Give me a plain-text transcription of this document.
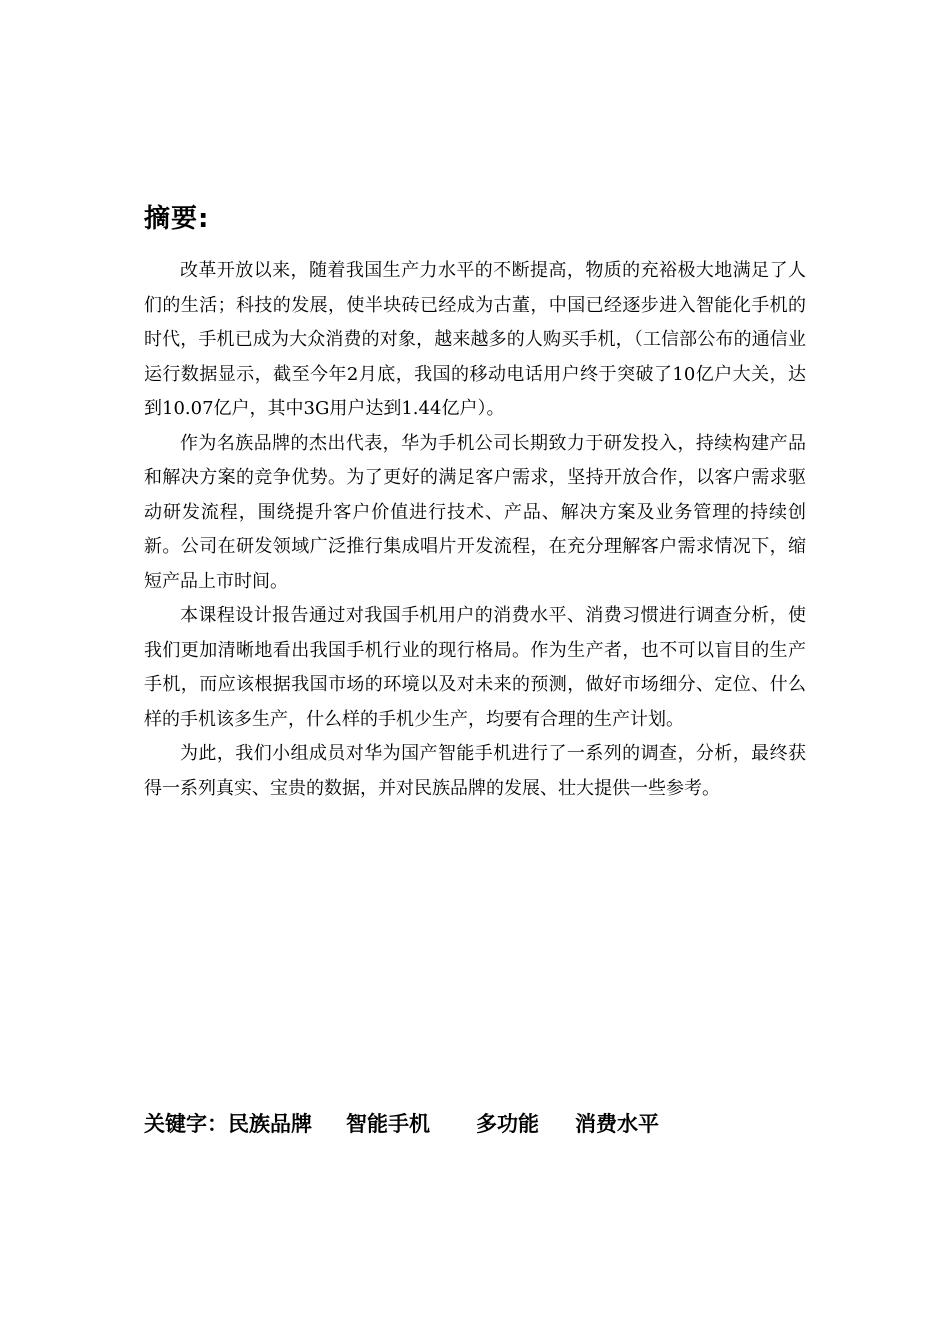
摘要:

改革开放以来，随着我国生产力水平的不断提高，物质的充裕极大地满足了人们的生活；科技的发展，使半块砖已经成为古董，中国已经逐步进入智能化手机的时代，手机已成为大众消费的对象，越来越多的人购买手机，（工信部公布的通信业运行数据显示，截至今年2月底，我国的移动电话用户终于突破了10亿户大关，达到10.07亿户，其中3G用户达到1.44亿户）。

作为名族品牌的杰出代表，华为手机公司长期致力于研发投入，持续构建产品和解决方案的竞争优势。为了更好的满足客户需求，坚持开放合作，以客户需求驱动研发流程，围绕提升客户价值进行技术、产品、解决方案及业务管理的持续创新。公司在研发领域广泛推行集成唱片开发流程，在充分理解客户需求情况下，缩短产品上市时间。

本课程设计报告通过对我国手机用户的消费水平、消费习惯进行调查分析，使我们更加清晰地看出我国手机行业的现行格局。作为生产者，也不可以盲目的生产手机，而应该根据我国市场的环境以及对未来的预测，做好市场细分、定位、什么样的手机该多生产，什么样的手机少生产，均要有合理的生产计划。

为此，我们小组成员对华为国产智能手机进行了一系列的调查，分析，最终获得一系列真实、宝贵的数据，并对民族品牌的发展、壮大提供一些参考。

关键字：民族品牌 智能手机 多功能 消费水平
